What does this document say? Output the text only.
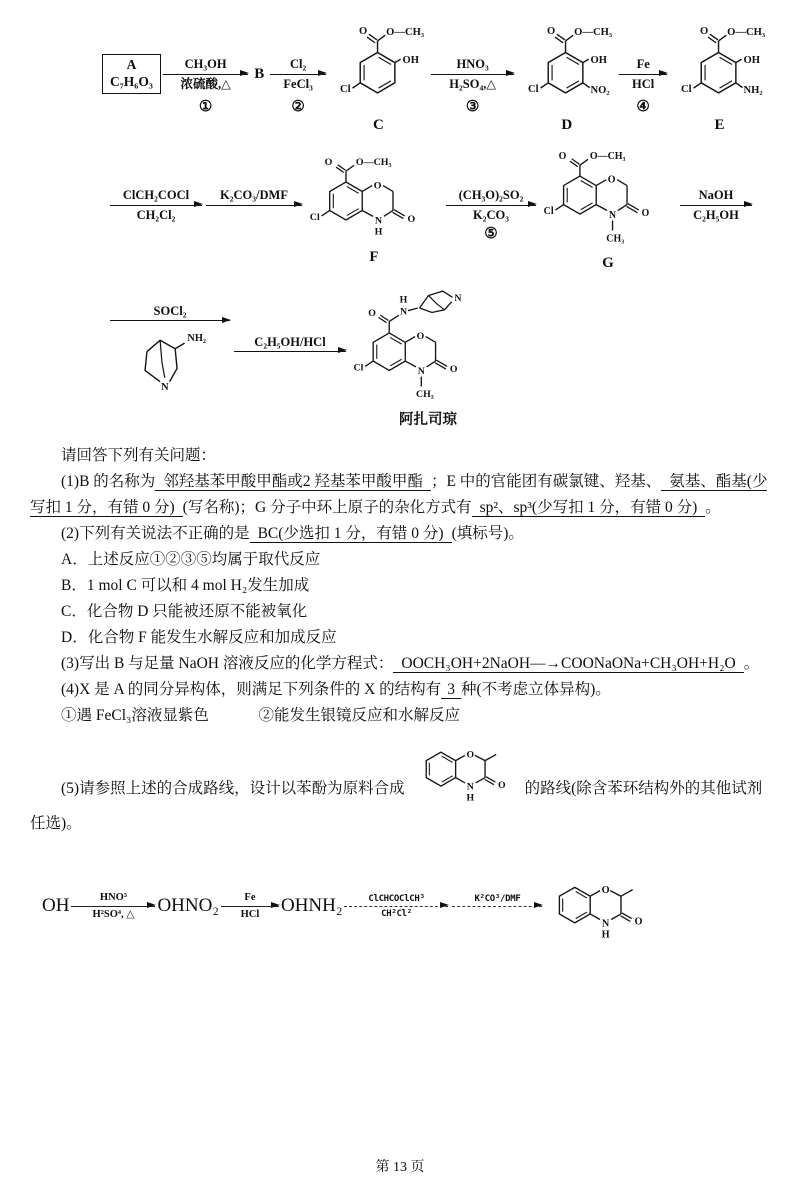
A
C₇H₆O₃
CH₃OH
浓硫酸,△
①
B
Cl₂
FeCl₃
②
O O—CH₃
OH
Cl
C
HNO₃
H₂SO₄,△
③
O O—CH₃
OH
Cl	NO₂
D
Fe
HCl
④
O O—CH₃
OH
Cl	NH₂
E
ClCH₂COCl
CH₂Cl₂
K₂CO₃/DMF

O
O
N
H
O O—CH₃
Cl
F
(CH₃O)₂SO₂
K₂CO₃
⑤
O
O
N
CH₃
O O—CH₃
Cl
G
NaOH
C₂H₅OH
SOCl₂
NH₂
N
C₂H₅OH/HCl
	O
O
N
CH₃
Cl
O N
H	N
阿扎司琼

请回答下列有关问题：

(1)B 的名称为 邻羟基苯甲酸甲酯或2 羟基苯甲酸甲酯 ；E 中的官能团有碳氯键、羟基、 氨基、酯基(少写扣 1 分，有错 0 分) (写名称)；G 分子中环上原子的杂化方式有 sp²、sp³(少写扣 1 分，有错 0 分) 。

(2)下列有关说法不正确的是 BC(少选扣 1 分，有错 0 分) (填标号)。

A．上述反应①②③⑤均属于取代反应

B．1 mol C 可以和 4 mol H₂发生加成

C．化合物 D 只能被还原不能被氧化

D．化合物 F 能发生水解反应和加成反应

(3)写出 B 与足量 NaOH 溶液反应的化学方程式： OOCH₃OH+2NaOH—→COONaONa+CH₃OH+H₂O 。

(4)X 是 A 的同分异构体，则满足下列条件的 X 的结构有 3 种(不考虑立体异构)。

①遇 FeCl₃溶液显紫色	②能发生银镜反应和水解反应

(5)请参照上述的合成路线，设计以苯酚为原料合成
O
O
N
H
的路线(除含苯环结构外的其他试剂任选)。

OH	HNO³
H²SO⁴, △ OHNO₂	Fe
HCl OHNH₂	ClCHCOClCH³
CH²Cl²
K²CO³/DMF

O
O
N
H
第 13 页
